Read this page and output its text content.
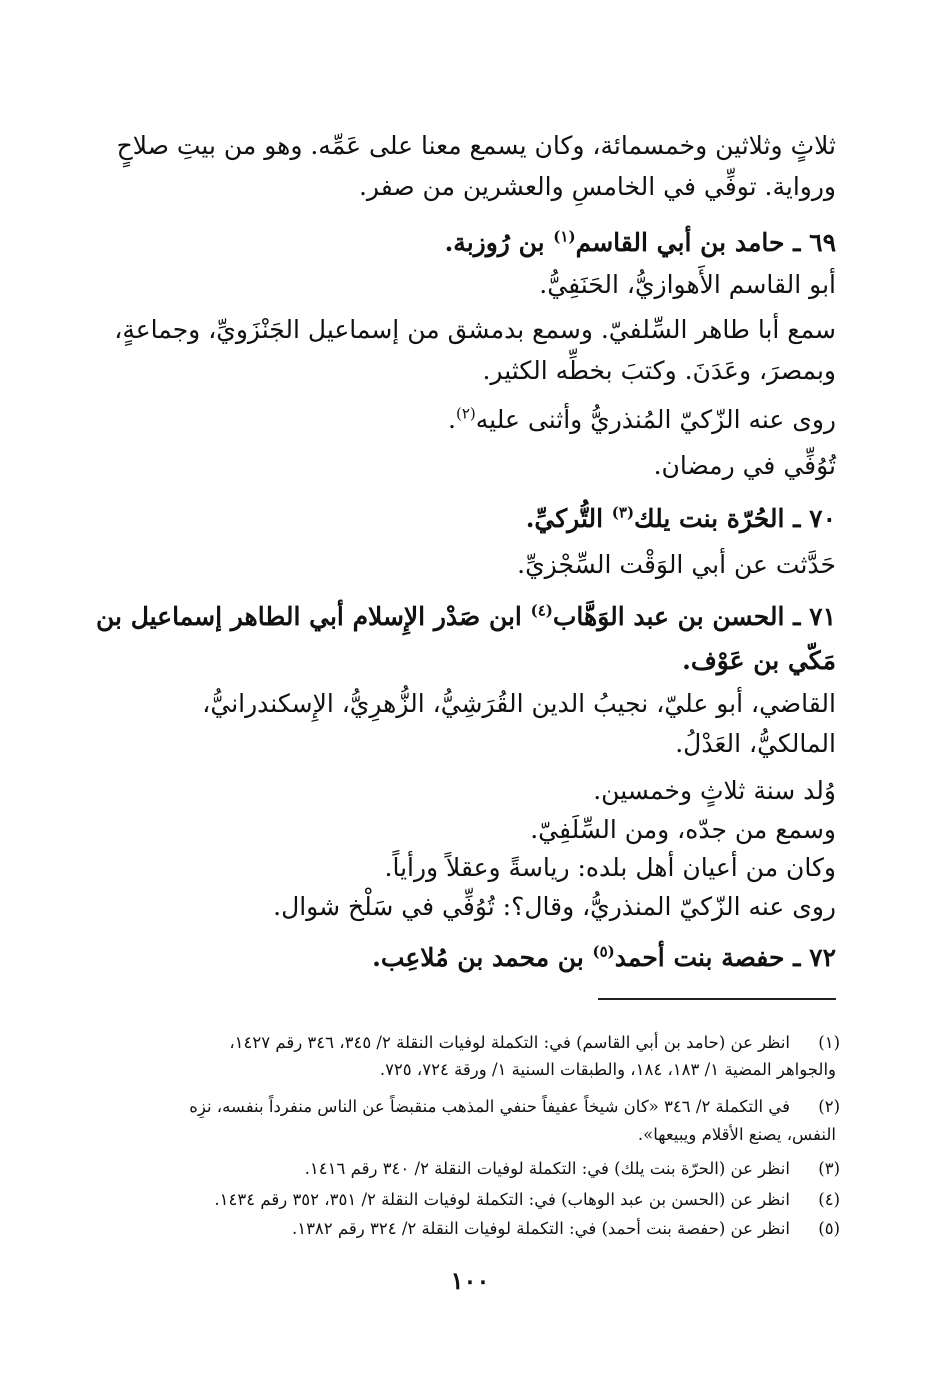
ثلاثٍ وثلاثين وخمسمائة، وكان يسمع معنا على عَمِّه. وهو من بيتِ صلاحٍ
ورواية. توفِّي في الخامسِ والعشرين من صفر.
٦٩ ـ حامد بن أبي القاسم$^{(١)}$ بن رُوزبة.
أبو القاسم الأَهوازيُّ، الحَنَفِيُّ.
سمع أبا طاهر السِّلفيّ. وسمع بدمشق من إسماعيل الجَنْزَويِّ، وجماعةٍ،
وبمصرَ، وعَدَنَ. وكتبَ بخطِّه الكثير.
روى عنه الزّكيّ المُنذريُّ وأثنى عليه$^{(٢)}$.
تُوُفِّي في رمضان.
٧٠ ـ الحُرّة بنت يلك$^{(٣)}$ التُّركيِّ.
حَدَّثت عن أبي الوَقْت السِّجْزيِّ.
٧١ ـ الحسن بن عبد الوَهَّاب$^{(٤)}$ ابن صَدْر الإِسلام أبي الطاهر إسماعيل بن
مَكّي بن عَوْف.
القاضي، أبو عليّ، نجيبُ الدين القُرَشِيُّ، الزُّهرِيُّ، الإِسكندرانيُّ،
المالكيُّ، العَدْلُ.
وُلد سنة ثلاثٍ وخمسين.
وسمع من جدّه، ومن السِّلَفِيّ.
وكان من أعيان أهل بلده: رياسةً وعقلاً ورأياً.
روى عنه الزّكيّ المنذريُّ، وقال؟: تُوُفِّي في سَلْخ شوال.
٧٢ ـ حفصة بنت أحمد$^{(٥)}$ بن محمد بن مُلاعِب.
(١)
انظر عن (حامد بن أبي القاسم) في: التكملة لوفيات النقلة ٢/ ٣٤٥، ٣٤٦ رقم ١٤٢٧،
والجواهر المضية ١/ ١٨٣، ١٨٤، والطبقات السنية ١/ ورقة ٧٢٤، ٧٢٥.
(٢)
في التكملة ٢/ ٣٤٦ «كان شيخاً عفيفاً حنفي المذهب منقبضاً عن الناس منفرداً بنفسه، نزِه
النفس، يصنع الأقلام ويبيعها».
(٣)
انظر عن (الحرّة بنت يلك) في: التكملة لوفيات النقلة ٢/ ٣٤٠ رقم ١٤١٦.
(٤)
انظر عن (الحسن بن عبد الوهاب) في: التكملة لوفيات النقلة ٢/ ٣٥١، ٣٥٢ رقم ١٤٣٤.
(٥)
انظر عن (حفصة بنت أحمد) في: التكملة لوفيات النقلة ٢/ ٣٢٤ رقم ١٣٨٢.
١٠٠
